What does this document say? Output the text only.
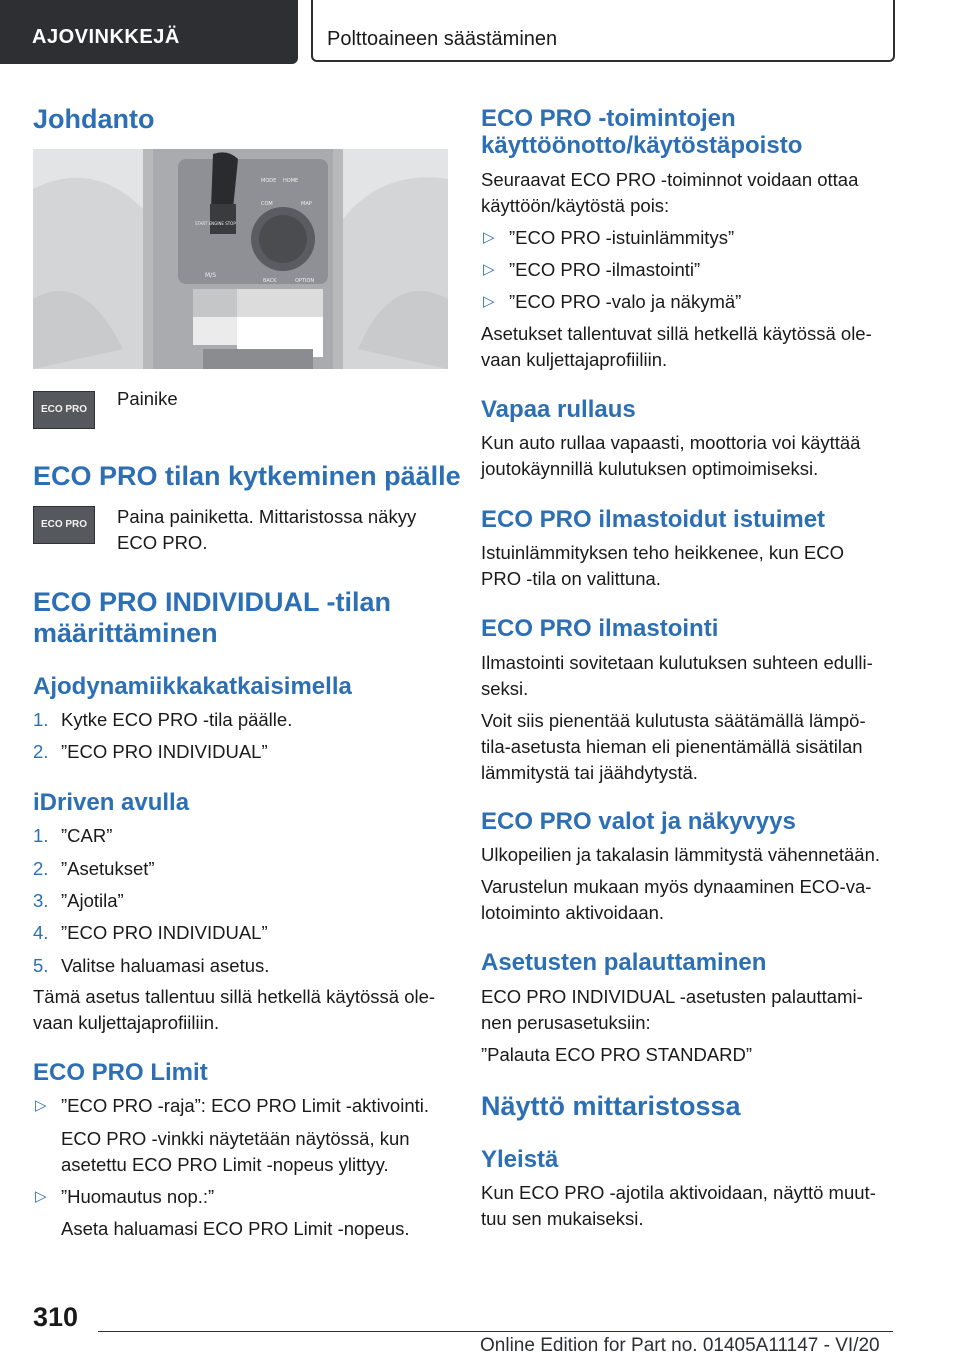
AJOVINKKEJÄ	Polttoaineen säästäminen
Johdanto
MODE HOME
COM	MAP
BACK	OPTION
START ENGINE STOP
M/S
ECO PRO

Painike

ECO PRO tilan kytkeminen päälle
ECO PRO	Paina painiketta. Mittaristossa näkyy

ECO PRO.

ECO PRO INDIVIDUAL -tilan
määrittäminen
Ajodynamiikkakatkaisimella
1. Kytke ECO PRO -tila päälle.
2. ”ECO PRO INDIVIDUAL”
iDriven avulla
1. ”CAR”
2. ”Asetukset”
3. ”Ajotila”
4. ”ECO PRO INDIVIDUAL”
5. Valitse haluamasi asetus.

Tämä asetus tallentuu sillä hetkellä käytössä ole‐

vaan kuljettajaprofiiliin.

ECO PRO Limit
▷ ”ECO PRO -raja”: ECO PRO Limit -aktivointi.

ECO PRO -vinkki näytetään näytössä, kun

asetettu ECO PRO Limit -nopeus ylittyy.

▷ ”Huomautus nop.:”

Aseta haluamasi ECO PRO Limit -nopeus.

ECO PRO -toimintojen
käyttöönotto/käytöstäpoisto

Seuraavat ECO PRO -toiminnot voidaan ottaa

käyttöön/käytöstä pois:

▷ ”ECO PRO -istuinlämmitys”
▷ ”ECO PRO -ilmastointi”
▷ ”ECO PRO -valo ja näkymä”

Asetukset tallentuvat sillä hetkellä käytössä ole‐

vaan kuljettajaprofiiliin.

Vapaa rullaus

Kun auto rullaa vapaasti, moottoria voi käyttää

joutokäynnillä kulutuksen optimoimiseksi.

ECO PRO ilmastoidut istuimet

Istuinlämmityksen teho heikkenee, kun ECO

PRO -tila on valittuna.

ECO PRO ilmastointi

Ilmastointi sovitetaan kulutuksen suhteen edulli‐

seksi.

Voit siis pienentää kulutusta säätämällä lämpö‐

tila-asetusta hieman eli pienentämällä sisätilan

lämmitystä tai jäähdytystä.

ECO PRO valot ja näkyvyys

Ulkopeilien ja takalasin lämmitystä vähennetään.

Varustelun mukaan myös dynaaminen ECO-va‐

lotoiminto aktivoidaan.

Asetusten palauttaminen

ECO PRO INDIVIDUAL -asetusten palauttami‐

nen perusasetuksiin:

”Palauta ECO PRO STANDARD”

Näyttö mittaristossa
Yleistä

Kun ECO PRO -ajotila aktivoidaan, näyttö muut‐

tuu sen mukaiseksi.

310
Online Edition for Part no. 01405A11147 - VI/20
